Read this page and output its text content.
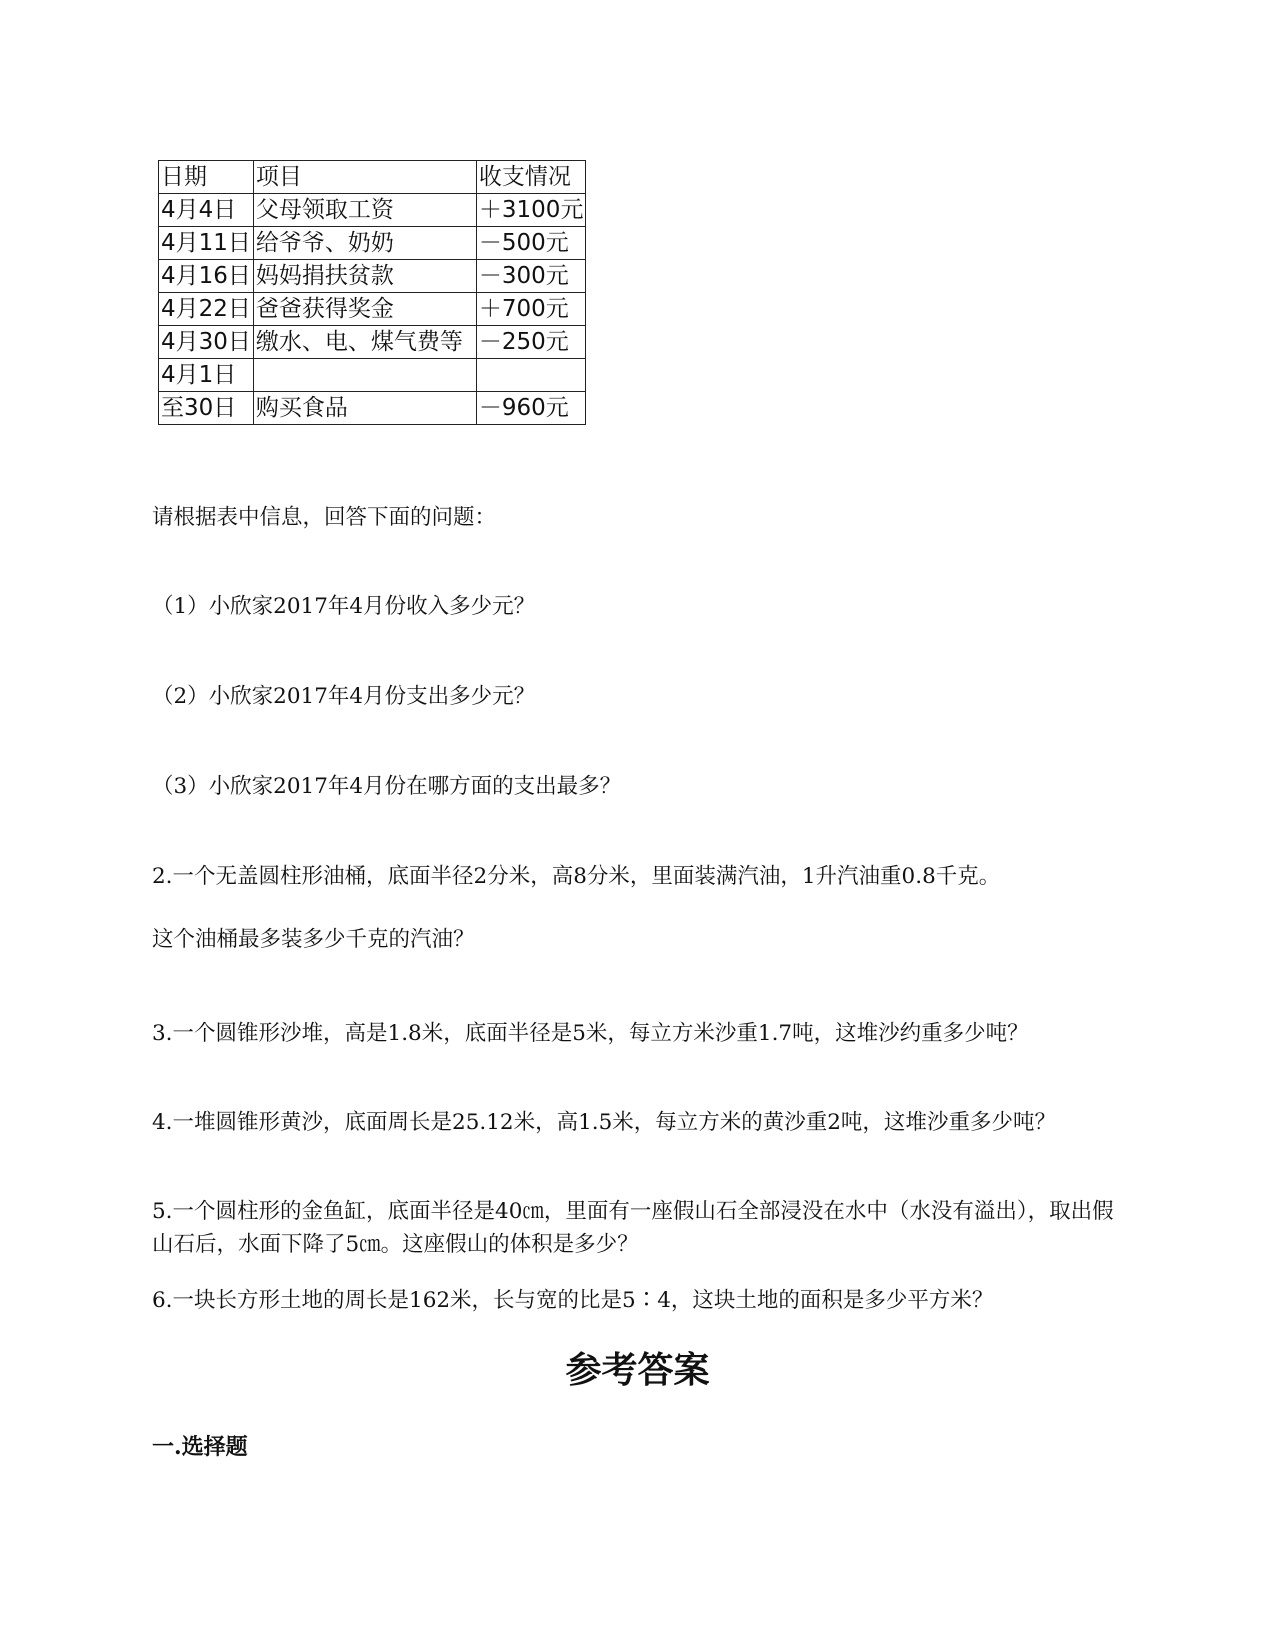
日期	项目	收支情况
4月4日	父母领取工资	＋3100元
4月11日	给爷爷、奶奶	－500元
4月16日	妈妈捐扶贫款	－300元
4月22日	爸爸获得奖金	＋700元
4月30日	缴水、电、煤气费等	－250元
4月1日		
至30日	购买食品	－960元
请根据表中信息，回答下面的问题：
（1）小欣家2017年4月份收入多少元？
（2）小欣家2017年4月份支出多少元？
（3）小欣家2017年4月份在哪方面的支出最多？
2.一个无盖圆柱形油桶，底面半径2分米，高8分米，里面装满汽油，1升汽油重0.8千克。
这个油桶最多装多少千克的汽油？
3.一个圆锥形沙堆，高是1.8米，底面半径是5米，每立方米沙重1.7吨，这堆沙约重多少吨？
4.一堆圆锥形黄沙，底面周长是25.12米，高1.5米，每立方米的黄沙重2吨，这堆沙重多少吨？
5.一个圆柱形的金鱼缸，底面半径是40㎝，里面有一座假山石全部浸没在水中（水没有溢出），取出假山石后，水面下降了5㎝。这座假山的体积是多少？
6.一块长方形土地的周长是162米，长与宽的比是5∶4，这块土地的面积是多少平方米？
参考答案
一.选择题
